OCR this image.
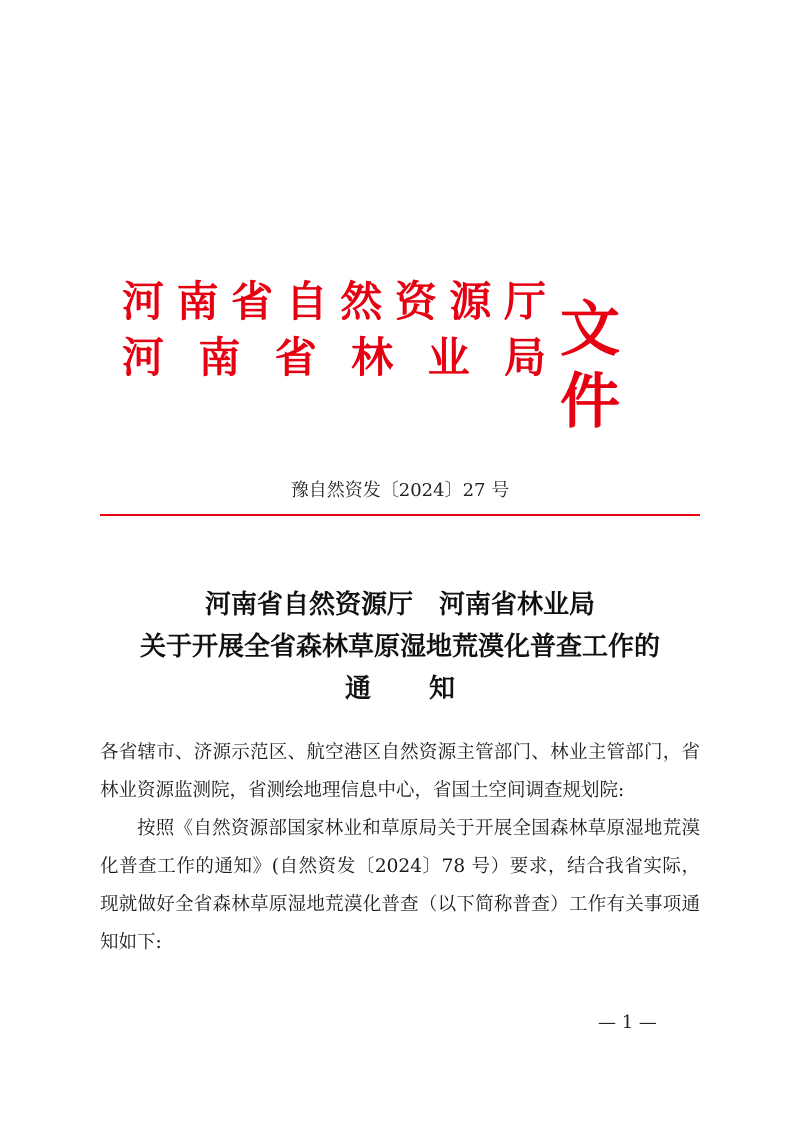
河 南 省 自 然 资 源 厅
河 南 省 林 业 局 文件
豫自然资发〔2024〕27 号
河南省自然资源厅　河南省林业局
关于开展全省森林草原湿地荒漠化普查工作的
通 知

各省辖市、济源示范区、航空港区自然资源主管部门、林业主管部门，省林业资源监测院，省测绘地理信息中心，省国土空间调查规划院:

按照《自然资源部国家林业和草原局关于开展全国森林草原湿地荒漠化普查工作的通知》(自然资发〔2024〕78 号）要求，结合我省实际，现就做好全省森林草原湿地荒漠化普查（以下简称普查）工作有关事项通知如下:

— 1 —
